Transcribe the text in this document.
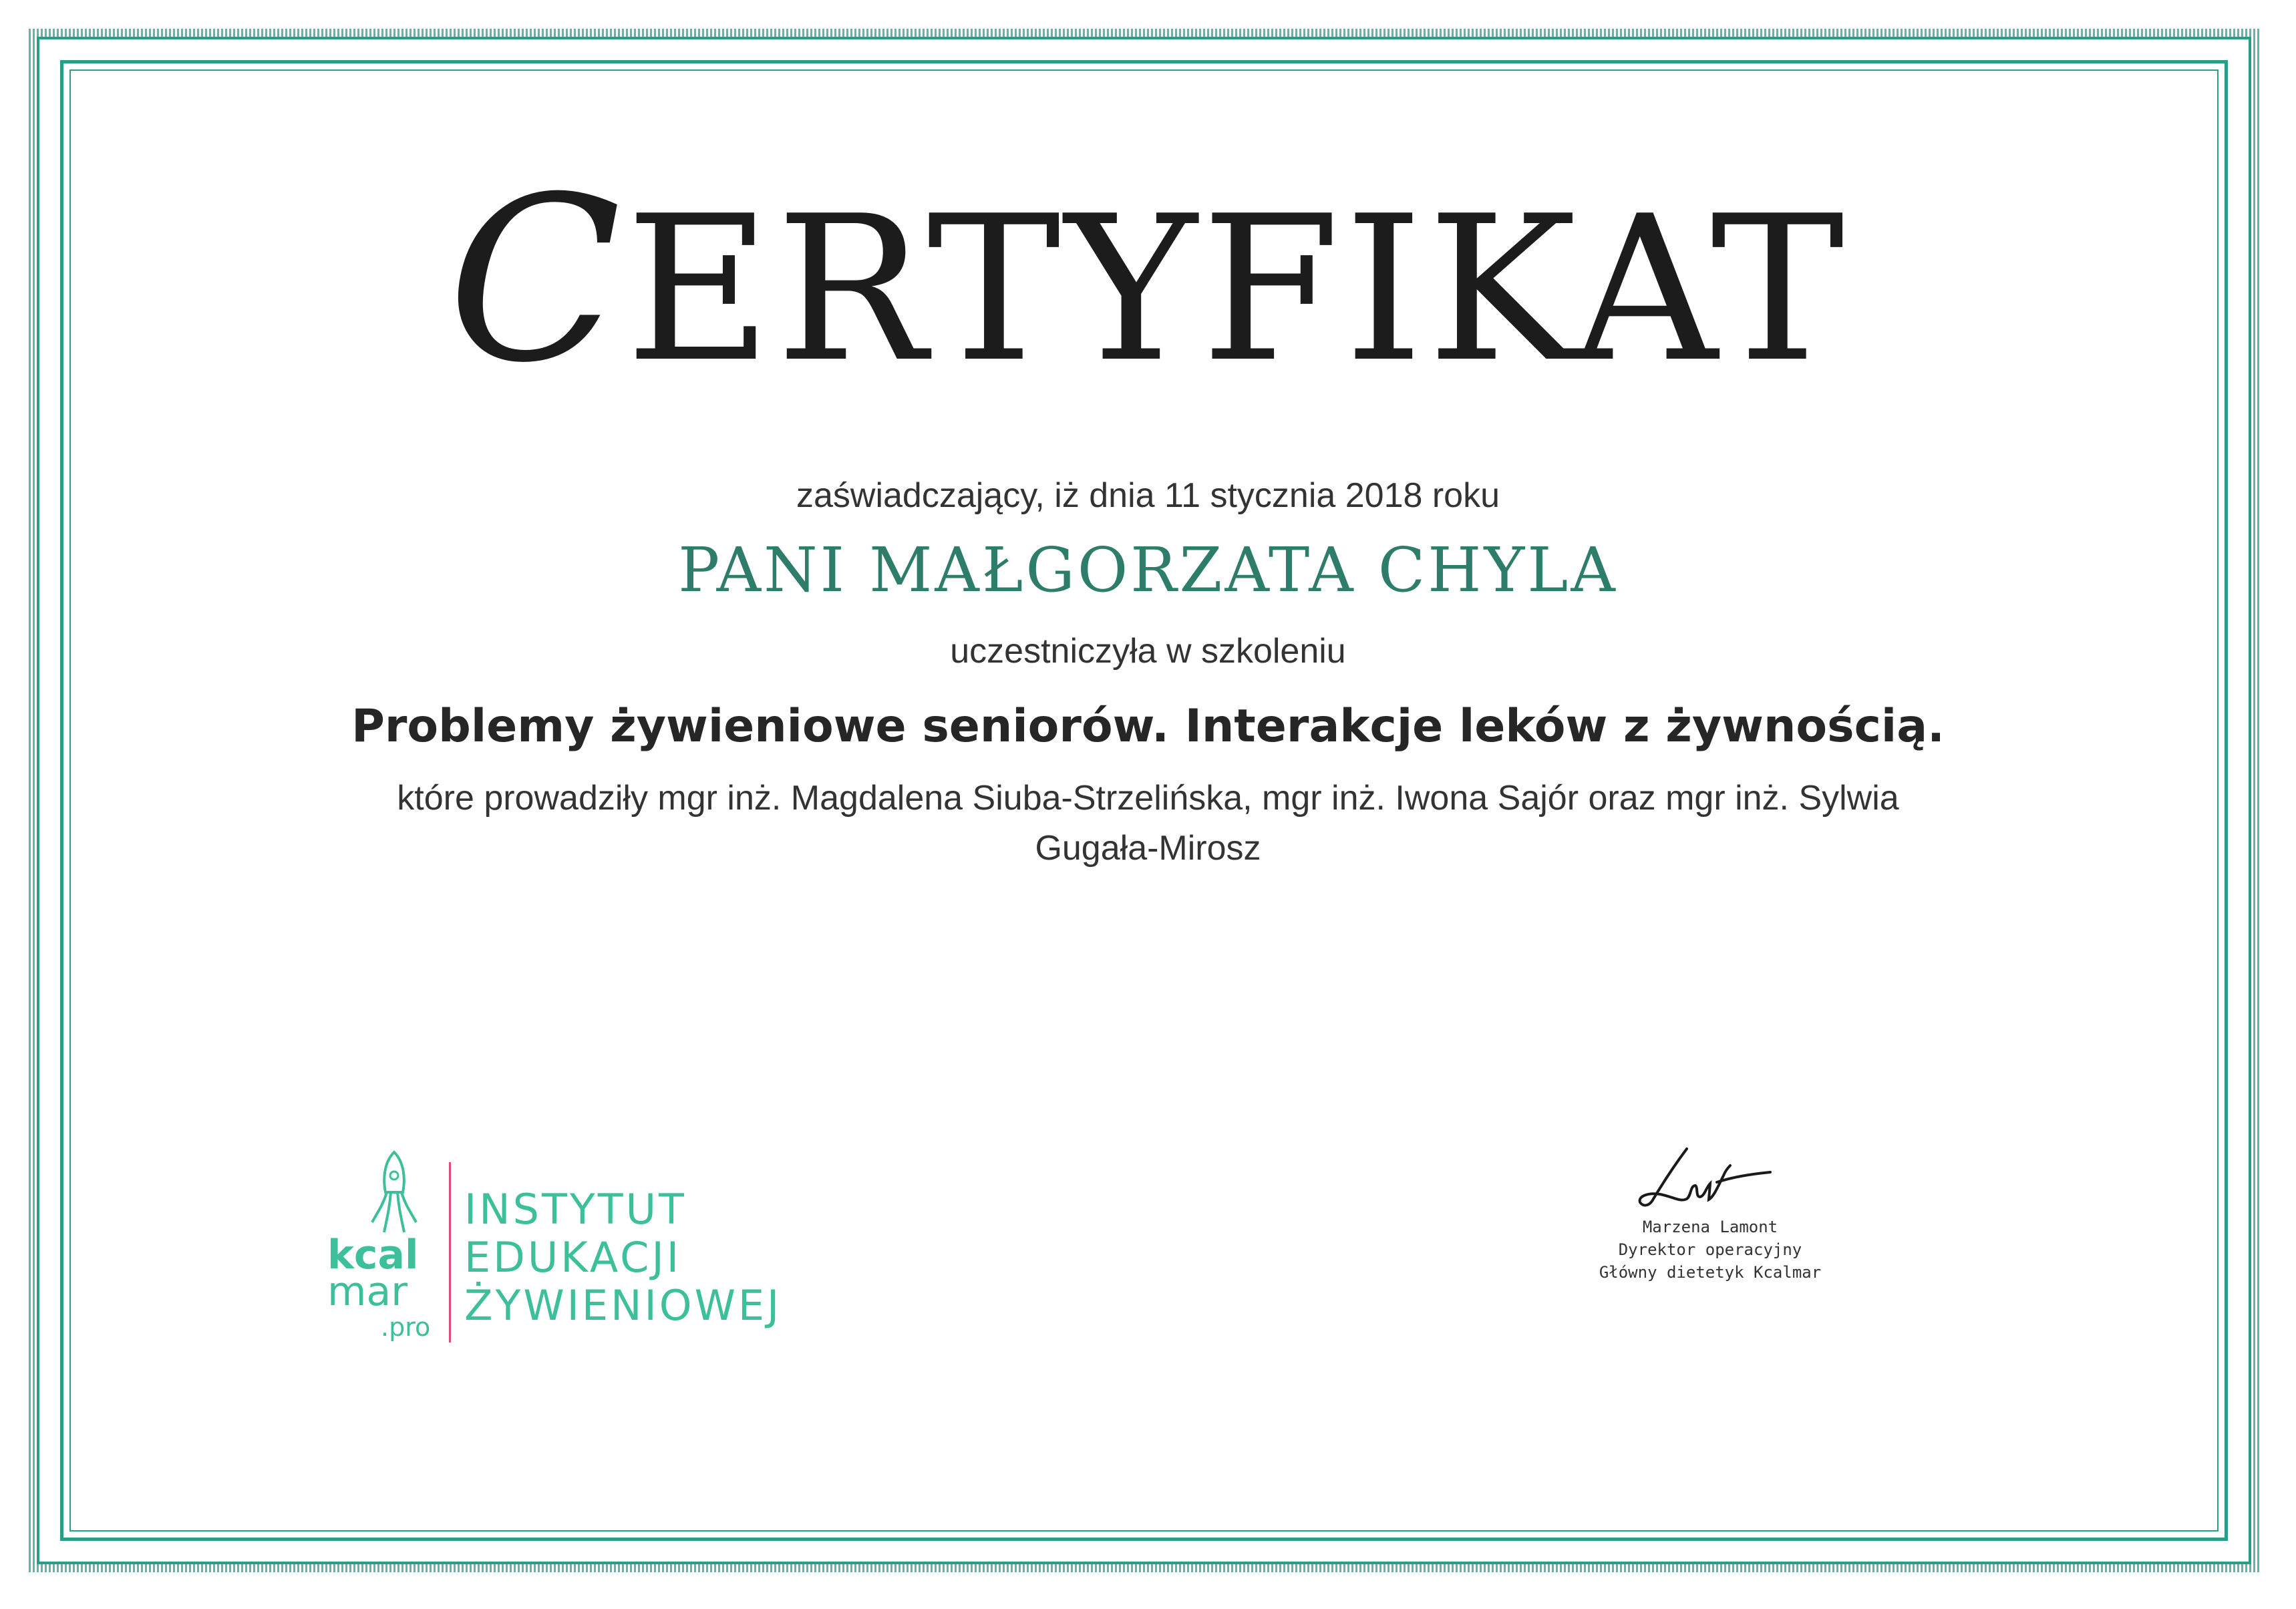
CERTYFIKAT
zaświadczający, iż dnia 11 stycznia 2018 roku
PANI MAŁGORZATA CHYLA
uczestniczyła w szkoleniu
Problemy żywieniowe seniorów. Interakcje leków z żywnością.
które prowadziły mgr inż. Magdalena Siuba-Strzelińska, mgr inż. Iwona Sajór oraz mgr inż. Sylwia
Gugała-Mirosz
kcal
mar
.pro
INSTYTUT
EDUKACJI
ŻYWIENIOWEJ
Marzena Lamont
Dyrektor operacyjny
Główny dietetyk Kcalmar
